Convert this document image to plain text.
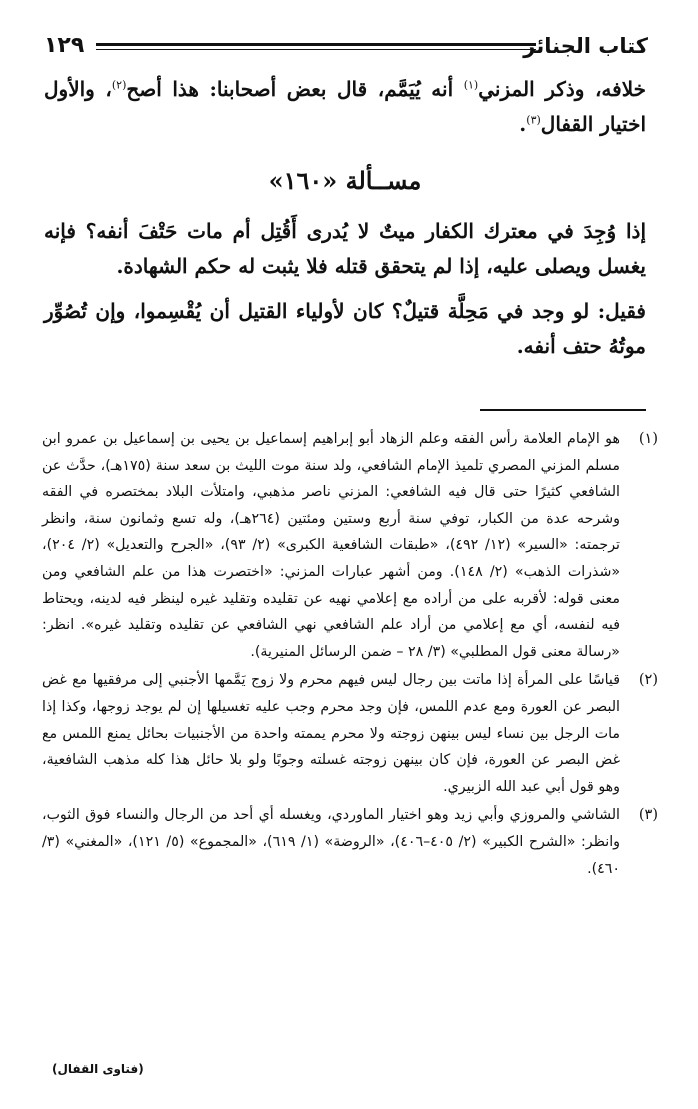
كتاب الجنائز
١٢٩

خلافه، وذكر المزني$^{(١)}$ أنه يُيَمَّم، قال بعض أصحابنا: هذا أصح$^{(٢)}$، والأول اختيار القفال$^{(٣)}$.

مســألة «١٦٠»

إذا وُجِدَ في معترك الكفار ميتٌ لا يُدرى أَقُتِل أم مات حَتْفَ أنفه؟ فإنه يغسل ويصلى عليه، إذا لم يتحقق قتله فلا يثبت له حكم الشهادة.

فقيل: لو وجد في مَحِلَّة قتيلٌ؟ كان لأولياء القتيل أن يُقْسِموا، وإن تُصُوِّر موتُهُ حتف أنفه.

(١)
هو الإمام العلامة رأس الفقه وعلم الزهاد أبو إبراهيم إسماعيل بن يحيى بن إسماعيل بن عمرو ابن مسلم المزني المصري تلميذ الإمام الشافعي، ولد سنة موت الليث بن سعد سنة (١٧٥هـ)، حدَّث عن الشافعي كثيرًا حتى قال فيه الشافعي: المزني ناصر مذهبي، وامتلأت البلاد بمختصره في الفقه وشرحه عدة من الكبار، توفي سنة أربع وستين ومئتين (٢٦٤هـ)، وله تسع وثمانون سنة، وانظر ترجمته: «السير» (١٢/ ٤٩٢)، «طبقات الشافعية الكبرى» (٢/ ٩٣)، «الجرح والتعديل» (٢/ ٢٠٤)، «شذرات الذهب» (٢/ ١٤٨). ومن أشهر عبارات المزني: «اختصرت هذا من علم الشافعي ومن معنى قوله: لأقربه على من أراده مع إعلامي نهيه عن تقليده وتقليد غيره لينظر فيه لدينه، ويحتاط فيه لنفسه، أي مع إعلامي من أراد علم الشافعي نهي الشافعي عن تقليده وتقليد غيره». انظر: «رسالة معنى قول المطلبي» (٣/ ٢٨ – ضمن الرسائل المنيرية).
(٢)
قياسًا على المرأة إذا ماتت بين رجال ليس فيهم محرم ولا زوج يَمَّمها الأجنبي إلى مرفقيها مع غض البصر عن العورة ومع عدم اللمس، فإن وجد محرم وجب عليه تغسيلها إن لم يوجد زوجها، وكذا إذا مات الرجل بين نساء ليس بينهن زوجته ولا محرم يممته واحدة من الأجنبيات بحائل يمنع اللمس مع غض البصر عن العورة، فإن كان بينهن زوجته غسلته وجوبًا ولو بلا حائل هذا كله مذهب الشافعية، وهو قول أبي عبد الله الزبيري.
(٣)
الشاشي والمروزي وأبي زيد وهو اختيار الماوردي، ويغسله أي أحد من الرجال والنساء فوق الثوب، وانظر: «الشرح الكبير» (٢/ ٤٠٥–٤٠٦)، «الروضة» (١/ ٦١٩)، «المجموع» (٥/ ١٢١)، «المغني» (٣/ ٤٦٠).
(فتاوى القفال)
